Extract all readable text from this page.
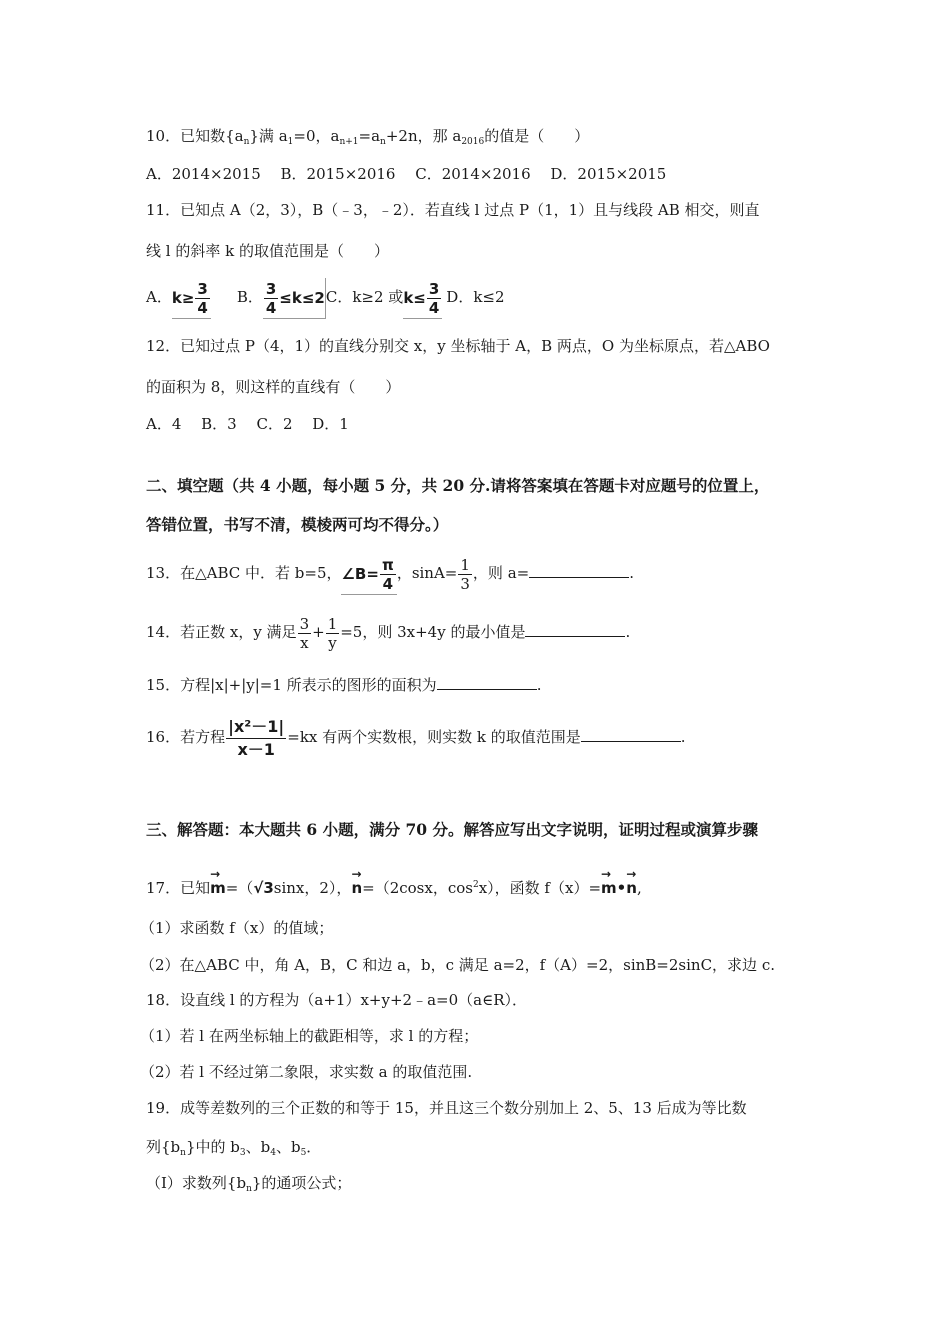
10．已知数$\{a_n\}$满 $a_1=0$，$a_{n+1}=a_n+2n$，那 $a_{2016}$的值是（　　）
A．2014×2015　 B．2015×2016　 C．2014×2016　 D．2015×2015
11．已知点 A（2，3），B（﹣3，﹣2）．若直线 l 过点 P（1，1）且与线段 AB 相交，则直
线 l 的斜率 k 的取值范围是（　　）
A．$k\ge \frac{3}{4}$ B． $\frac{3}{4} \le k\le 2C$．k≥2 或$k\le \frac{3}{4}$ D．k≤2
12．已知过点 P（4，1）的直线分别交 x，y 坐标轴于 A，B 两点，O 为坐标原点，若△ABO
的面积为 8，则这样的直线有（　　）
A．4　 B．3　 C．2　 D．1
二、填空题（共 4 小题，每小题 5 分，共 20 分.请将答案填在答题卡对应题号的位置上，
答错位置，书写不清，模棱两可均不得分。）
13．在△ABC 中．若 b=5，∠B= $\frac{\pi}{4}$ ，$\sin A= \frac{1}{3}$ ，则 a=	.
14．若正数 x，y 满足 $\frac{3}{x} + \frac{1}{y} =5$，则 3x+4y 的最小值是	.
15．方程|x|+|y|=1 所表示的图形的面积为	.
16．若方程 $\frac{\text{|x²－1|}}{x-1} =kx$ 有两个实数根，则实数 k 的取值范围是	.
三、解答题：本大题共 6 小题，满分 70 分。解答应写出文字说明，证明过程或演算步骤
17．已知→ m=（√3sinx，2），→ n=（2cosx，$\cos^2x$），函数 f（x）=→ m•→ n,
（1）求函数 f（x）的值域；
（2）在△ABC 中，角 A，B，C 和边 a，b，c 满足 a=2，f（A）=2，sinB=2sinC，求边 c.
18．设直线 l 的方程为（a+1）x+y+2﹣a=0（a∈R）．
（1）若 l 在两坐标轴上的截距相等，求 l 的方程；
（2）若 l 不经过第二象限，求实数 a 的取值范围.
19．成等差数列的三个正数的和等于 15，并且这三个数分别加上 2、5、13 后成为等比数
列$\{b_n\}$中的 $b_3$、$b_4$、$b_5$．
（Ⅰ）求数列$\{b_n\}$的通项公式；
